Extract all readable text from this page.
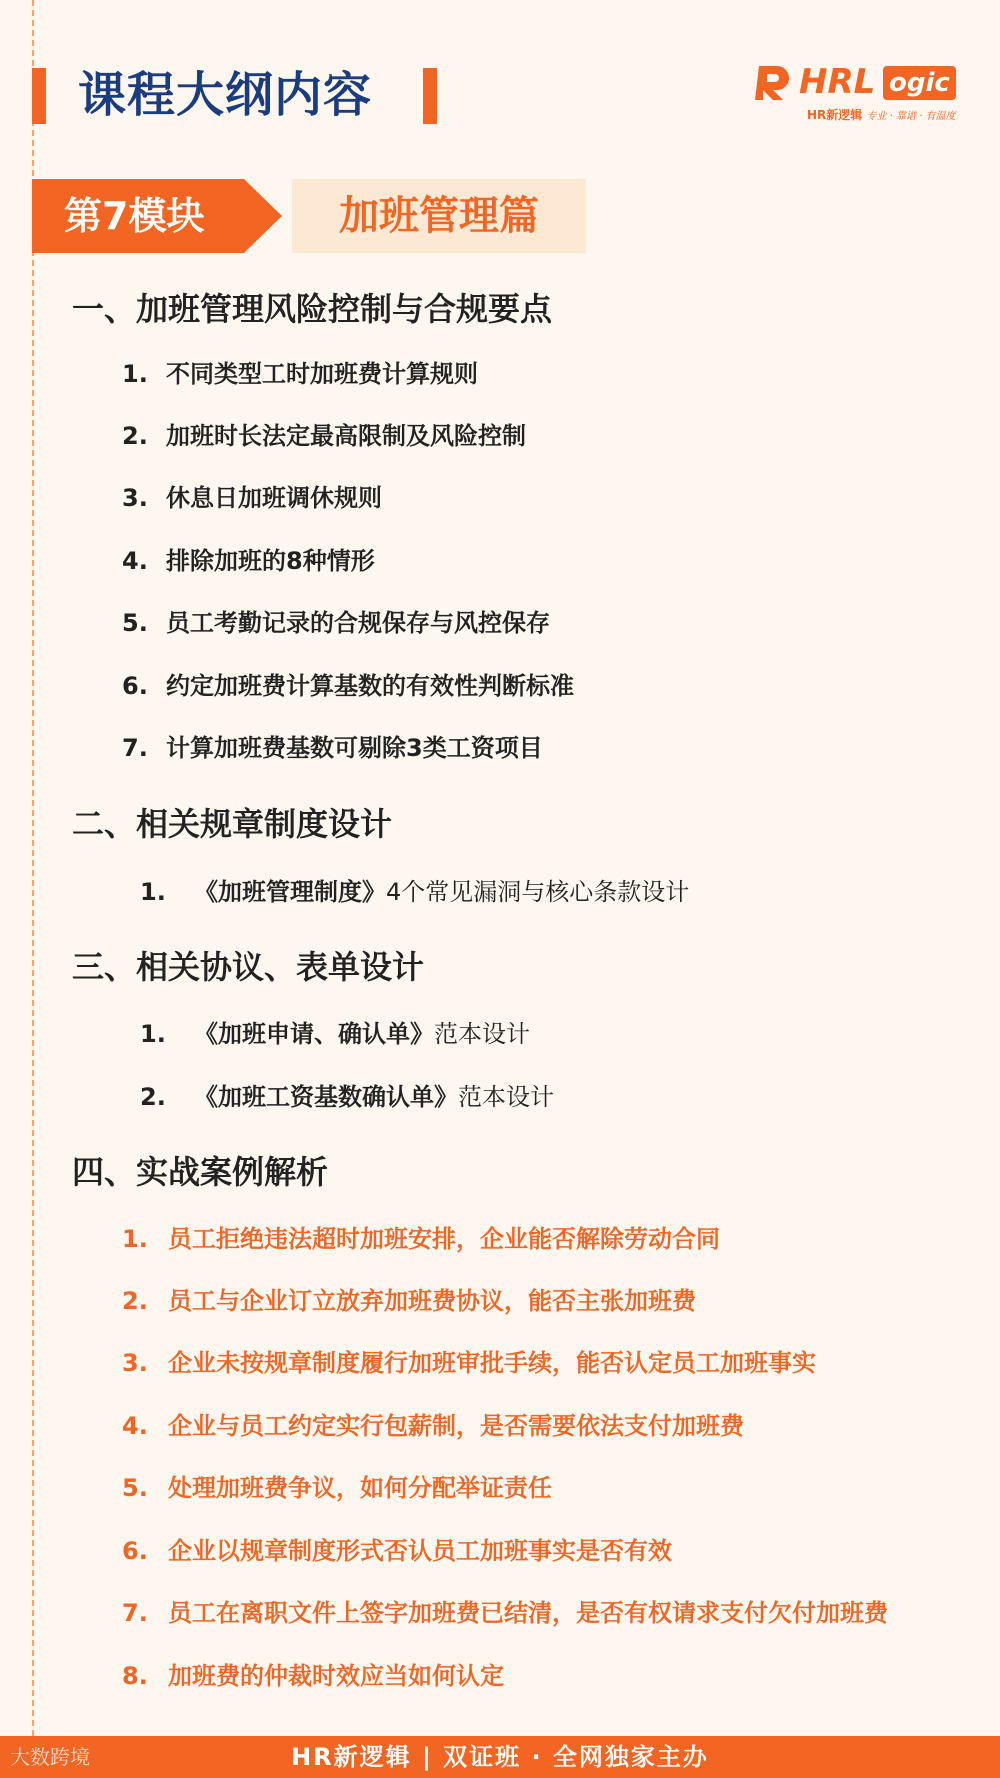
课程大纲内容	HRL ogic
HR新逻辑 专业 · 靠谱 · 有温度
第7模块	加班管理篇
一、加班管理风险控制与合规要点
1. 不同类型工时加班费计算规则
2. 加班时长法定最高限制及风险控制
3. 休息日加班调休规则
4. 排除加班的8种情形
5. 员工考勤记录的合规保存与风控保存
6. 约定加班费计算基数的有效性判断标准
7. 计算加班费基数可剔除3类工资项目
二、相关规章制度设计
1. 《加班管理制度》4个常见漏洞与核心条款设计
三、相关协议、表单设计
1. 《加班申请、确认单》范本设计
2. 《加班工资基数确认单》范本设计
四、实战案例解析
1. 员工拒绝违法超时加班安排，企业能否解除劳动合同
2. 员工与企业订立放弃加班费协议，能否主张加班费
3. 企业未按规章制度履行加班审批手续，能否认定员工加班事实
4. 企业与员工约定实行包薪制，是否需要依法支付加班费
5. 处理加班费争议，如何分配举证责任
6. 企业以规章制度形式否认员工加班事实是否有效
7. 员工在离职文件上签字加班费已结清，是否有权请求支付欠付加班费
8. 加班费的仲裁时效应当如何认定
大数跨境	HR新逻辑 | 双证班 · 全网独家主办
